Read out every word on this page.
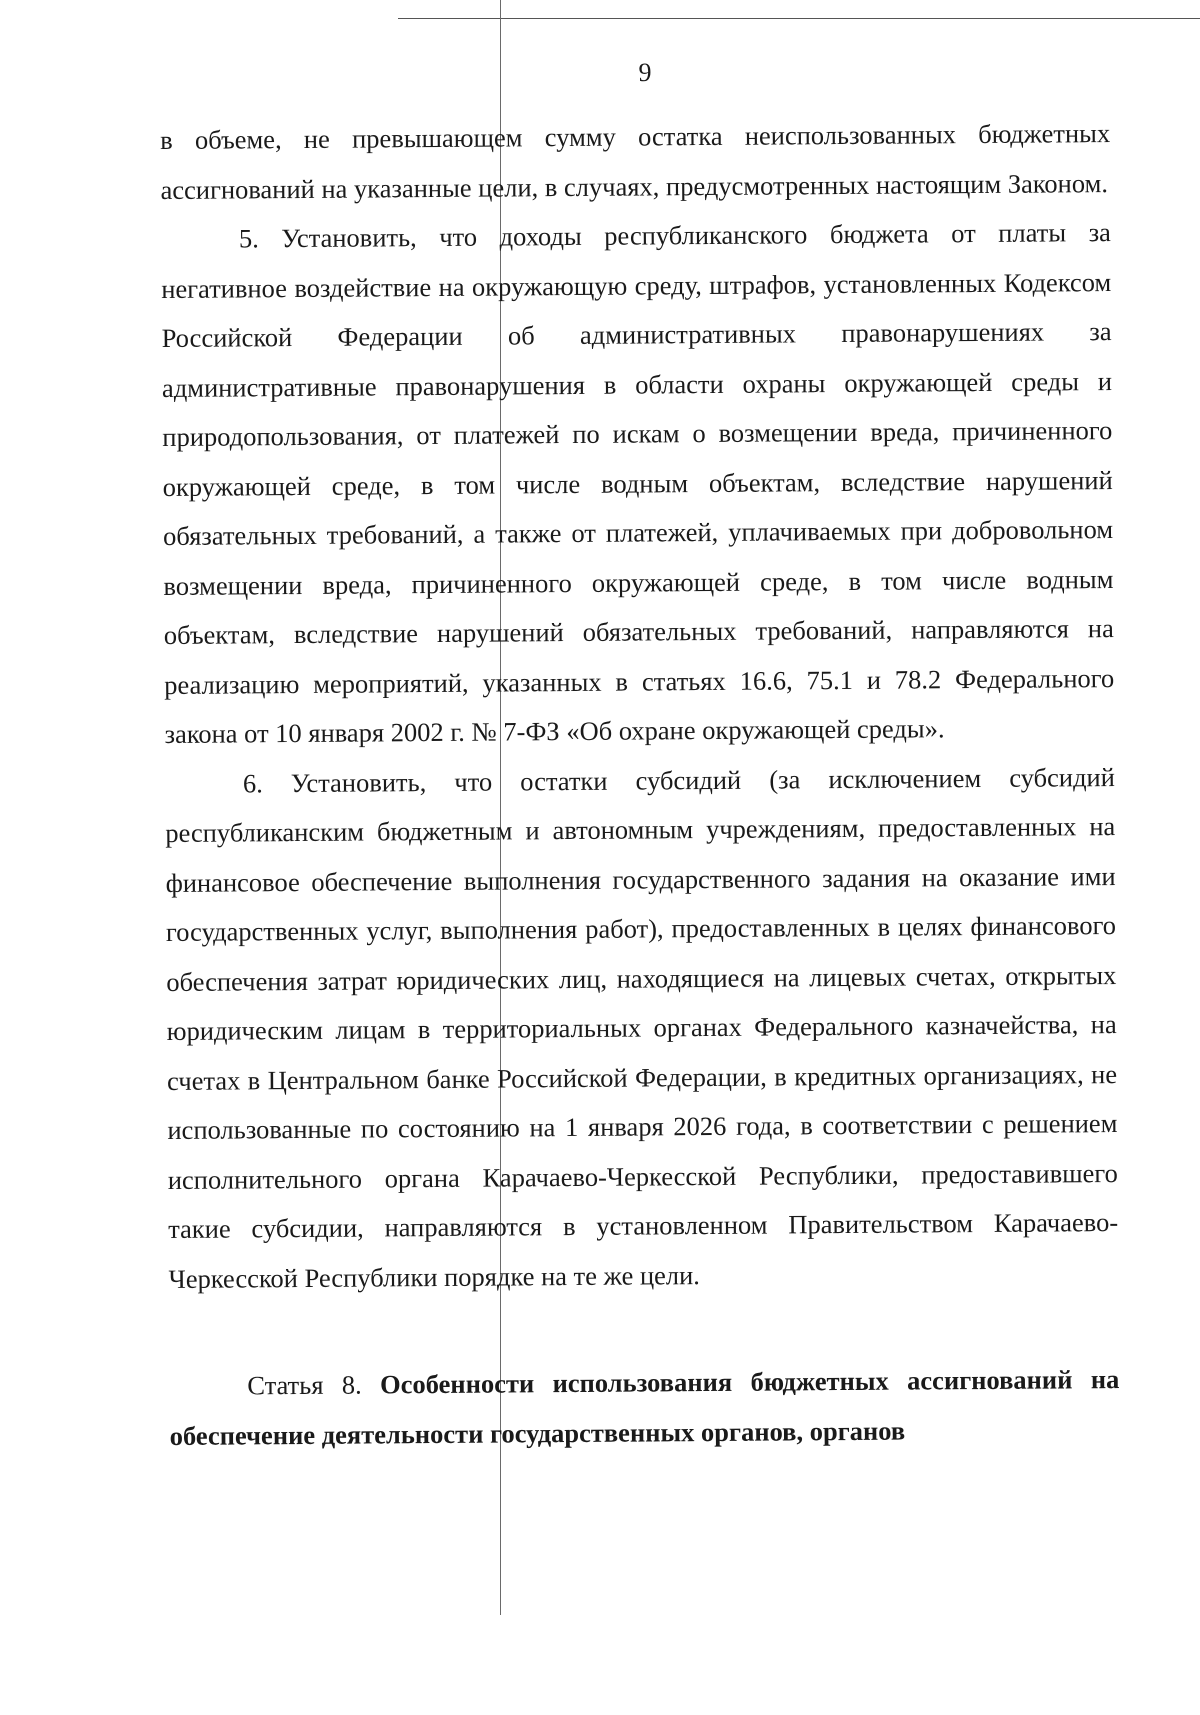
9

в объеме, не превышающем сумму остатка неиспользованных бюджетных ассигнований на указанные цели, в случаях, предусмотренных настоящим Законом.

5. Установить, что доходы республиканского бюджета от платы за негативное воздействие на окружающую среду, штрафов, установленных Кодексом Российской Федерации об административных правонарушениях за административные правонарушения в области охраны окружающей среды и природопользования, от платежей по искам о возмещении вреда, причиненного окружающей среде, в том числе водным объектам, вследствие нарушений обязательных требований, а также от платежей, уплачиваемых при добровольном возмещении вреда, причиненного окружающей среде, в том числе водным объектам, вследствие нарушений обязательных требований, направляются на реализацию мероприятий, указанных в статьях 16.6, 75.1 и 78.2 Федерального закона от 10 января 2002 г. № 7-ФЗ «Об охране окружающей среды».

6. Установить, что остатки субсидий (за исключением субсидий республиканским бюджетным и автономным учреждениям, предоставленных на финансовое обеспечение выполнения государственного задания на оказание ими государственных услуг, выполнения работ), предоставленных в целях финансового обеспечения затрат юридических лиц, находящиеся на лицевых счетах, открытых юридическим лицам в территориальных органах Федерального казначейства, на счетах в Центральном банке Российской Федерации, в кредитных организациях, не использованные по состоянию на 1 января 2026 года, в соответствии с решением исполнительного органа Карачаево-Черкесской Республики, предоставившего такие субсидии, направляются в установленном Правительством Карачаево-Черкесской Республики порядке на те же цели.

Статья 8. Особенности использования бюджетных ассигнований на обеспечение деятельности государственных органов, органов
